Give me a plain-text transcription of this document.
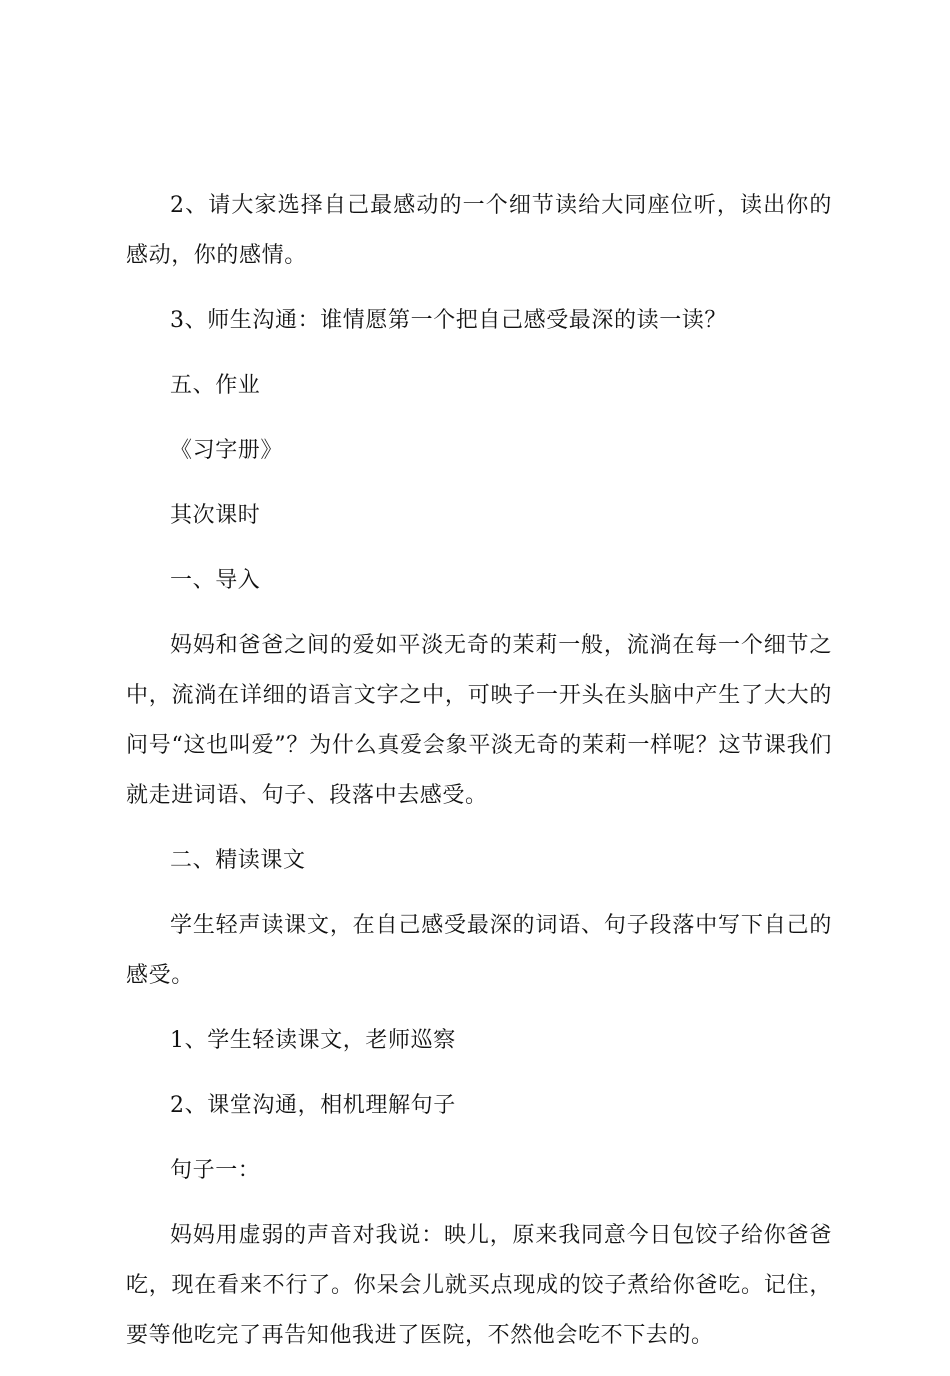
2、请大家选择自己最感动的一个细节读给大同座位听，读出你的感动，你的感情。

3、师生沟通：谁情愿第一个把自己感受最深的读一读？

五、作业

《习字册》

其次课时

一、导入

妈妈和爸爸之间的爱如平淡无奇的茉莉一般，流淌在每一个细节之中，流淌在详细的语言文字之中，可映子一开头在头脑中产生了大大的问号“这也叫爱”？为什么真爱会象平淡无奇的茉莉一样呢？这节课我们就走进词语、句子、段落中去感受。

二、精读课文

学生轻声读课文，在自己感受最深的词语、句子段落中写下自己的感受。

1、学生轻读课文，老师巡察

2、课堂沟通，相机理解句子

句子一：

妈妈用虚弱的声音对我说：映儿，原来我同意今日包饺子给你爸爸吃，现在看来不行了。你呆会儿就买点现成的饺子煮给你爸吃。记住，要等他吃完了再告知他我进了医院，不然他会吃不下去的。
